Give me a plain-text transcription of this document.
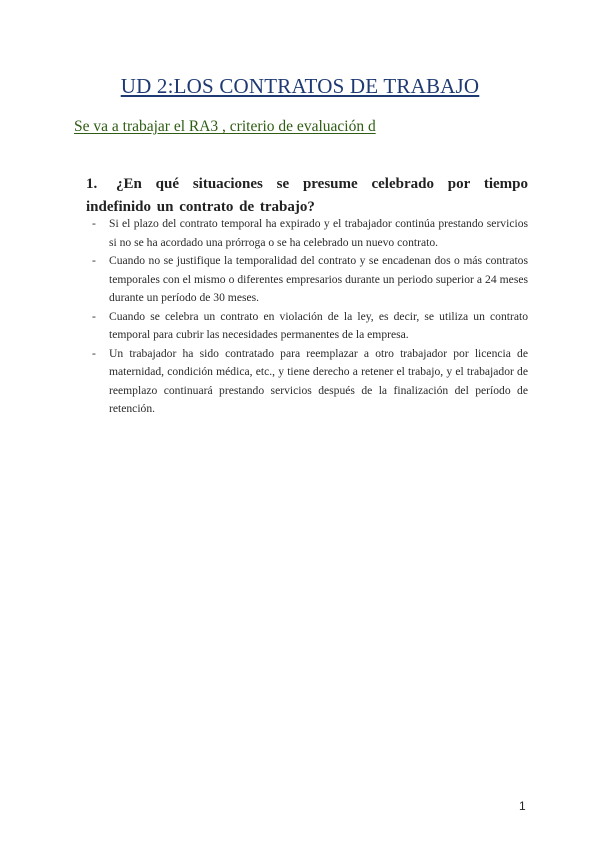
UD 2:LOS CONTRATOS DE TRABAJO
Se va a trabajar el RA3 , criterio de evaluación d
1. ¿En qué situaciones se presume celebrado por tiempo indefinido un contrato de trabajo?
- Si el plazo del contrato temporal ha expirado y el trabajador continúa prestando servicios si no se ha acordado una prórroga o se ha celebrado un nuevo contrato.
- Cuando no se justifique la temporalidad del contrato y se encadenan dos o más contratos temporales con el mismo o diferentes empresarios durante un periodo superior a 24 meses durante un período de 30 meses.
- Cuando se celebra un contrato en violación de la ley, es decir, se utiliza un contrato temporal para cubrir las necesidades permanentes de la empresa.
- Un trabajador ha sido contratado para reemplazar a otro trabajador por licencia de maternidad, condición médica, etc., y tiene derecho a retener el trabajo, y el trabajador de reemplazo continuará prestando servicios después de la finalización del período de retención.
1
